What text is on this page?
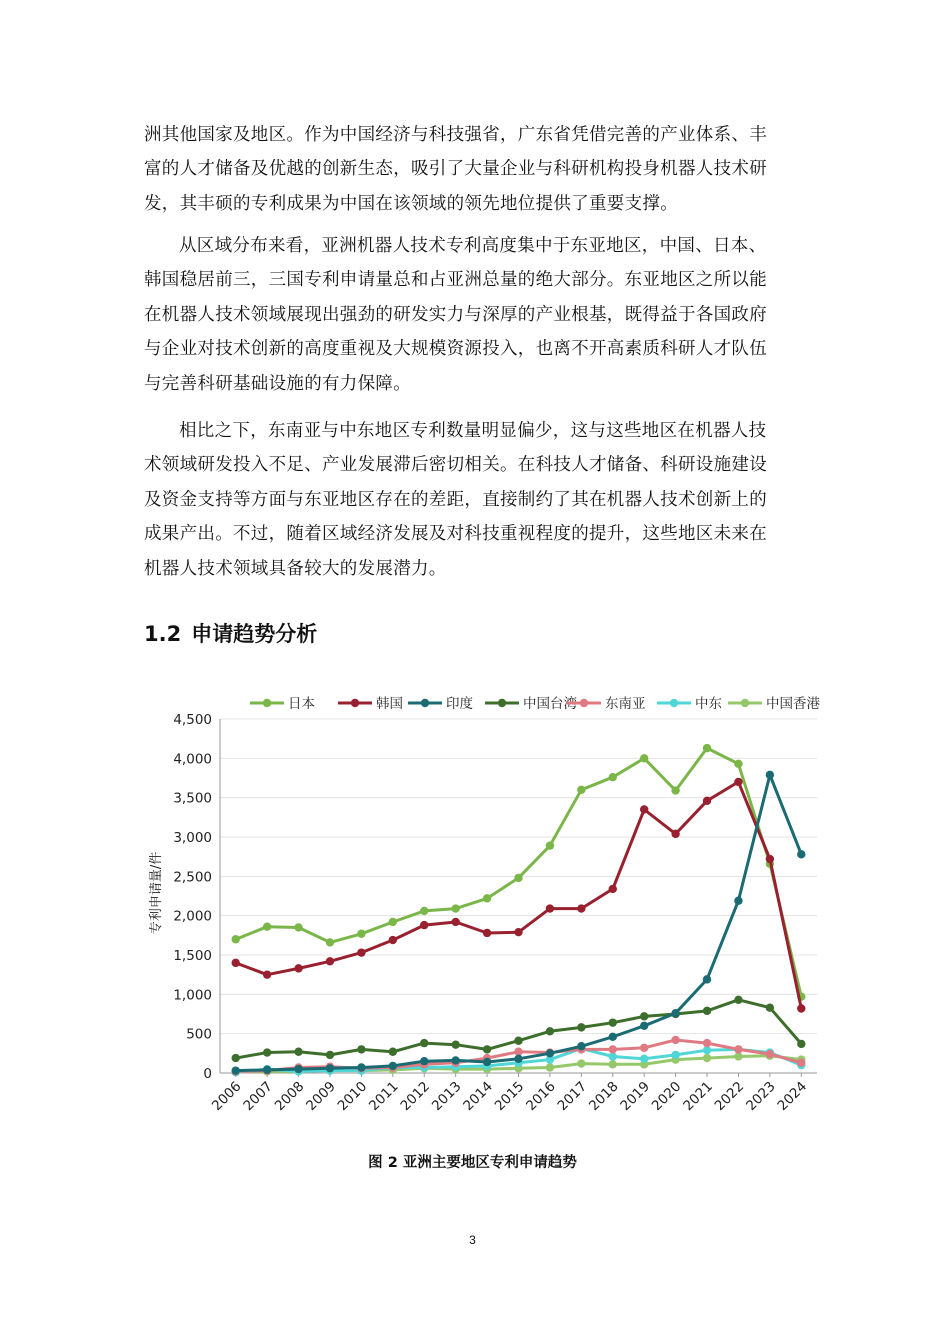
洲其他国家及地区。作为中国经济与科技强省，广东省凭借完善的产业体系、丰
富的人才储备及优越的创新生态，吸引了大量企业与科研机构投身机器人技术研
发，其丰硕的专利成果为中国在该领域的领先地位提供了重要支撑。
从区域分布来看，亚洲机器人技术专利高度集中于东亚地区，中国、日本、
韩国稳居前三，三国专利申请量总和占亚洲总量的绝大部分。东亚地区之所以能
在机器人技术领域展现出强劲的研发实力与深厚的产业根基，既得益于各国政府
与企业对技术创新的高度重视及大规模资源投入，也离不开高素质科研人才队伍
与完善科研基础设施的有力保障。
相比之下，东南亚与中东地区专利数量明显偏少，这与这些地区在机器人技
术领域研发投入不足、产业发展滞后密切相关。在科技人才储备、科研设施建设
及资金支持等方面与东亚地区存在的差距，直接制约了其在机器人技术创新上的
成果产出。不过，随着区域经济发展及对科技重视程度的提升，这些地区未来在
机器人技术领域具备较大的发展潜力。
1.2 申请趋势分析
0
500
1,000
1,500
2,000
2,500
3,000
3,500
4,000
4,500
2006
2007
2008
2009
2010
2011
2012
2013
2014
2015
2016
2017
2018
2019
2020
2021
2022
2023
2024
日本	韩国	印度	中国台湾 东南亚	中东	中国香港
专利申请量/件
图 2 亚洲主要地区专利申请趋势
3
